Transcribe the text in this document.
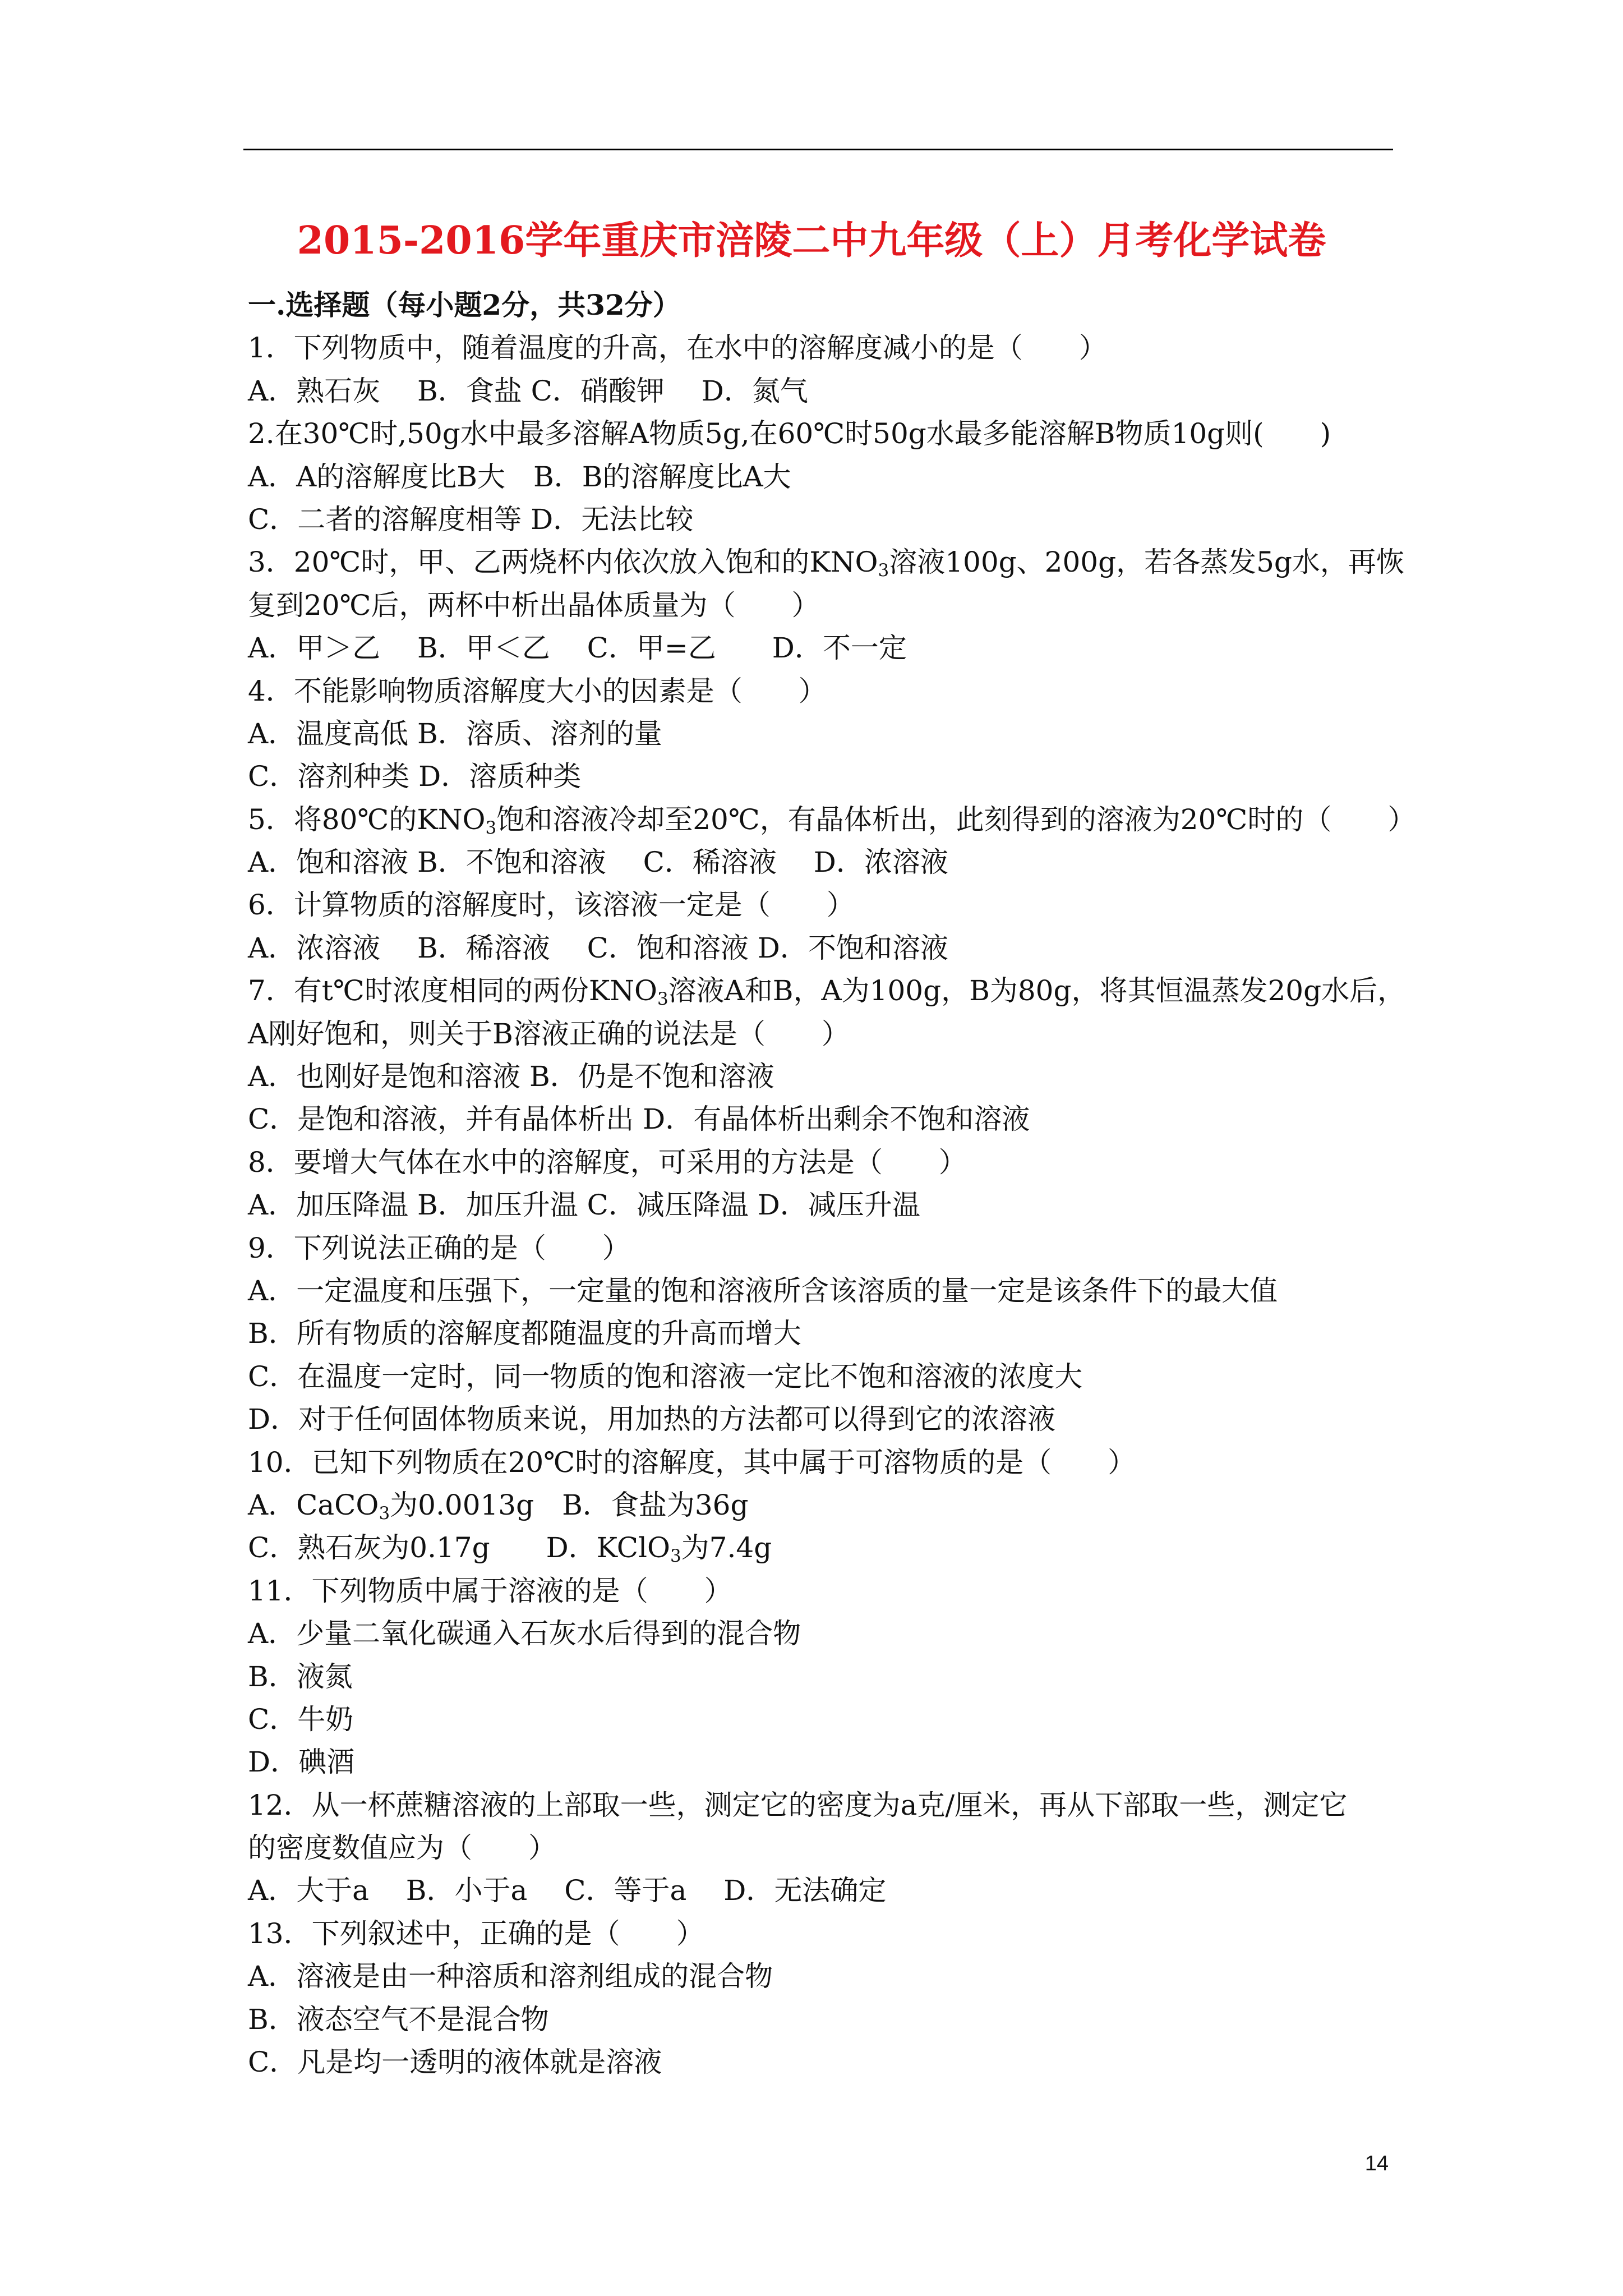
2015-2016学年重庆市涪陵二中九年级（上）月考化学试卷
一.选择题（每小题2分，共32分）
1．下列物质中，随着温度的升高，在水中的溶解度减小的是（　　）
A．熟石灰　 B．食盐 C．硝酸钾　 D．氮气
2.在30℃时,50g水中最多溶解A物质5g,在60℃时50g水最多能溶解B物质10g则(　　)
A．A的溶解度比B大　B．B的溶解度比A大
C．二者的溶解度相等 D．无法比较
3．20℃时，甲、乙两烧杯内依次放入饱和的$KNO_3$溶液100g、200g，若各蒸发5g水，再恢
复到20℃后，两杯中析出晶体质量为（　　）
A．甲＞乙　 B．甲＜乙　 C．甲=乙　　D．不一定
4．不能影响物质溶解度大小的因素是（　　）
A．温度高低 B．溶质、溶剂的量
C．溶剂种类 D．溶质种类
5．将80℃的$KNO_3$饱和溶液冷却至20℃，有晶体析出，此刻得到的溶液为20℃时的（　　）
A．饱和溶液 B．不饱和溶液　 C．稀溶液　 D．浓溶液
6．计算物质的溶解度时，该溶液一定是（　　）
A．浓溶液　 B．稀溶液　 C．饱和溶液 D．不饱和溶液
7．有t℃时浓度相同的两份$KNO_3$溶液A和B，A为100g，B为80g，将其恒温蒸发20g水后，
A刚好饱和，则关于B溶液正确的说法是（　　）
A．也刚好是饱和溶液 B．仍是不饱和溶液
C．是饱和溶液，并有晶体析出 D．有晶体析出剩余不饱和溶液
8．要增大气体在水中的溶解度，可采用的方法是（　　）
A．加压降温 B．加压升温 C．减压降温 D．减压升温
9．下列说法正确的是（　　）
A．一定温度和压强下，一定量的饱和溶液所含该溶质的量一定是该条件下的最大值
B．所有物质的溶解度都随温度的升高而增大
C．在温度一定时，同一物质的饱和溶液一定比不饱和溶液的浓度大
D．对于任何固体物质来说，用加热的方法都可以得到它的浓溶液
10．已知下列物质在20℃时的溶解度，其中属于可溶物质的是（　　）
A．CaCO$_3$为0.0013g　B．食盐为36g
C．熟石灰为0.17g　　D．KClO$_3$为7.4g
11．下列物质中属于溶液的是（　　）
A．少量二氧化碳通入石灰水后得到的混合物
B．液氮
C．牛奶
D．碘酒
12．从一杯蔗糖溶液的上部取一些，测定它的密度为a克/厘米，再从下部取一些，测定它
的密度数值应为（　　）
A．大于a　 B．小于a　 C．等于a　 D．无法确定
13．下列叙述中，正确的是（　　）
A．溶液是由一种溶质和溶剂组成的混合物
B．液态空气不是混合物
C．凡是均一透明的液体就是溶液
14
